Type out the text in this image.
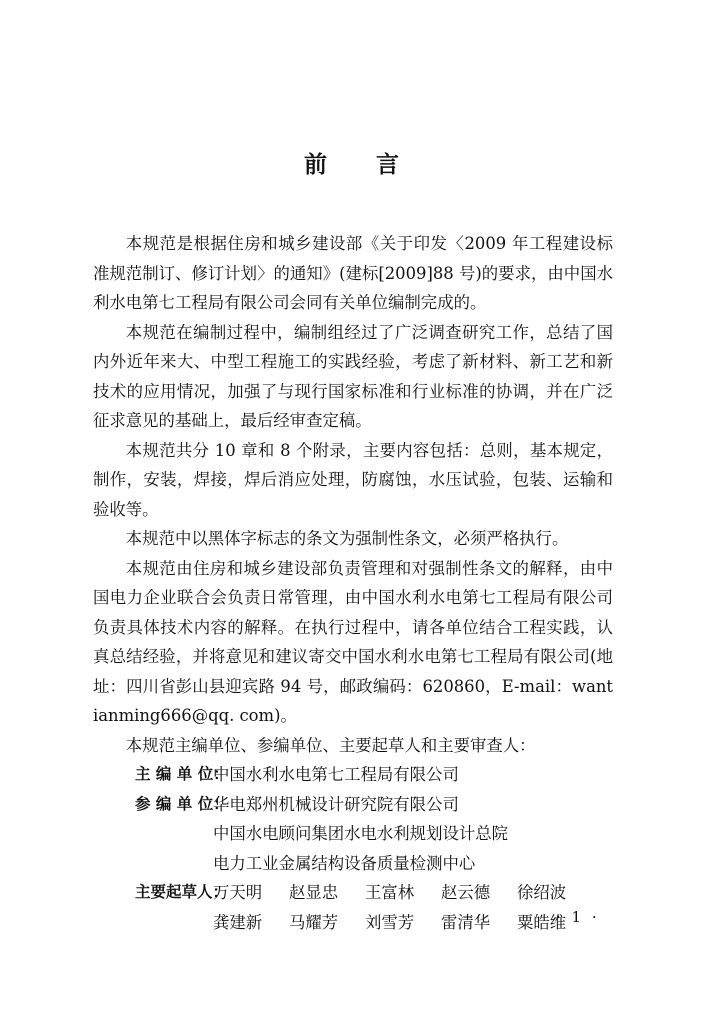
前 言

本规范是根据住房和城乡建设部《关于印发〈2009 年工程建设标准规范制订、修订计划〉的通知》(建标[2009]88 号)的要求，由中国水利水电第七工程局有限公司会同有关单位编制完成的。

本规范在编制过程中，编制组经过了广泛调查研究工作，总结了国内外近年来大、中型工程施工的实践经验，考虑了新材料、新工艺和新技术的应用情况，加强了与现行国家标准和行业标准的协调，并在广泛征求意见的基础上，最后经审查定稿。

本规范共分 10 章和 8 个附录，主要内容包括：总则，基本规定，制作，安装，焊接，焊后消应处理，防腐蚀，水压试验，包装、运输和验收等。

本规范中以黑体字标志的条文为强制性条文，必须严格执行。

本规范由住房和城乡建设部负责管理和对强制性条文的解释，由中国电力企业联合会负责日常管理，由中国水利水电第七工程局有限公司负责具体技术内容的解释。在执行过程中，请各单位结合工程实践，认真总结经验，并将意见和建议寄交中国水利水电第七工程局有限公司(地址：四川省彭山县迎宾路 94 号，邮政编码：620860，E-mail：wantianming666@qq. com)。

本规范主编单位、参编单位、主要起草人和主要审查人：

主 编 单 位：
中国水利水电第七工程局有限公司
参 编 单 位：
华电郑州机械设计研究院有限公司
中国水电顾问集团水电水利规划设计总院
电力工业金属结构设备质量检测中心
主要起草人：
万天明	赵显忠	王富林	赵云德	徐绍波
龚建新	马耀芳	刘雪芳	雷清华	粟皓维
· 1 ·
